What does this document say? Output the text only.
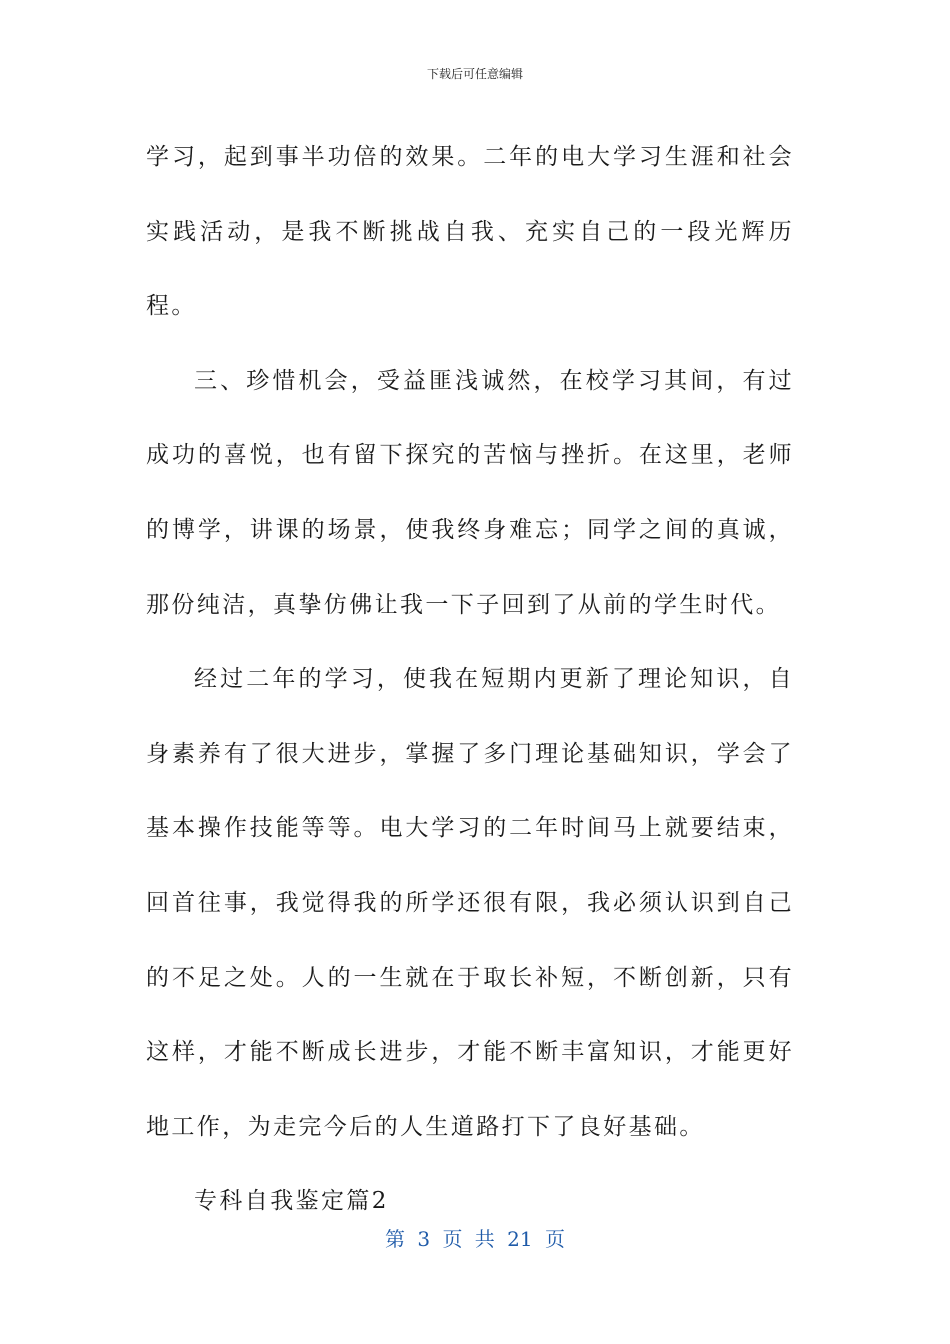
下载后可任意编辑

学习，起到事半功倍的效果。二年的电大学习生涯和社会实践活动，是我不断挑战自我、充实自己的一段光辉历程。

三、珍惜机会，受益匪浅诚然，在校学习其间，有过成功的喜悦，也有留下探究的苦恼与挫折。在这里，老师的博学，讲课的场景，使我终身难忘；同学之间的真诚，那份纯洁，真挚仿佛让我一下子回到了从前的学生时代。

经过二年的学习，使我在短期内更新了理论知识，自身素养有了很大进步，掌握了多门理论基础知识，学会了基本操作技能等等。电大学习的二年时间马上就要结束，回首往事，我觉得我的所学还很有限，我必须认识到自己的不足之处。人的一生就在于取长补短，不断创新，只有这样，才能不断成长进步，才能不断丰富知识，才能更好地工作，为走完今后的人生道路打下了良好基础。

专科自我鉴定篇2

第 3 页 共 21 页
